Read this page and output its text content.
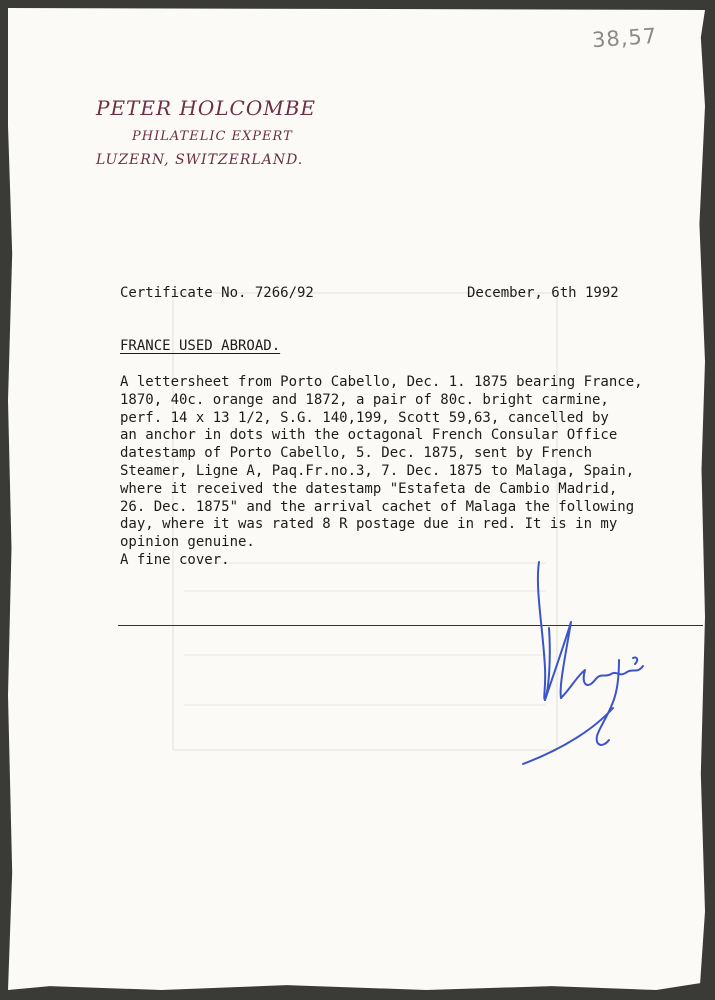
38,57
PETER HOLCOMBE
PHILATELIC EXPERT
LUZERN, SWITZERLAND.
Certificate No. 7266/92	December, 6th 1992
FRANCE USED ABROAD.

A lettersheet from Porto Cabello, Dec. 1. 1875 bearing France,

1870, 40c. orange and 1872, a pair of 80c. bright carmine,

perf. 14 x 13 1/2, S.G. 140,199, Scott 59,63, cancelled by

an anchor in dots with the octagonal French Consular Office

datestamp of Porto Cabello, 5. Dec. 1875, sent by French

Steamer, Ligne A, Paq.Fr.no.3, 7. Dec. 1875 to Malaga, Spain,

where it received the datestamp "Estafeta de Cambio Madrid,

26. Dec. 1875" and the arrival cachet of Malaga the following

day, where it was rated 8 R postage due in red. It is in my

opinion genuine.

A fine cover.
